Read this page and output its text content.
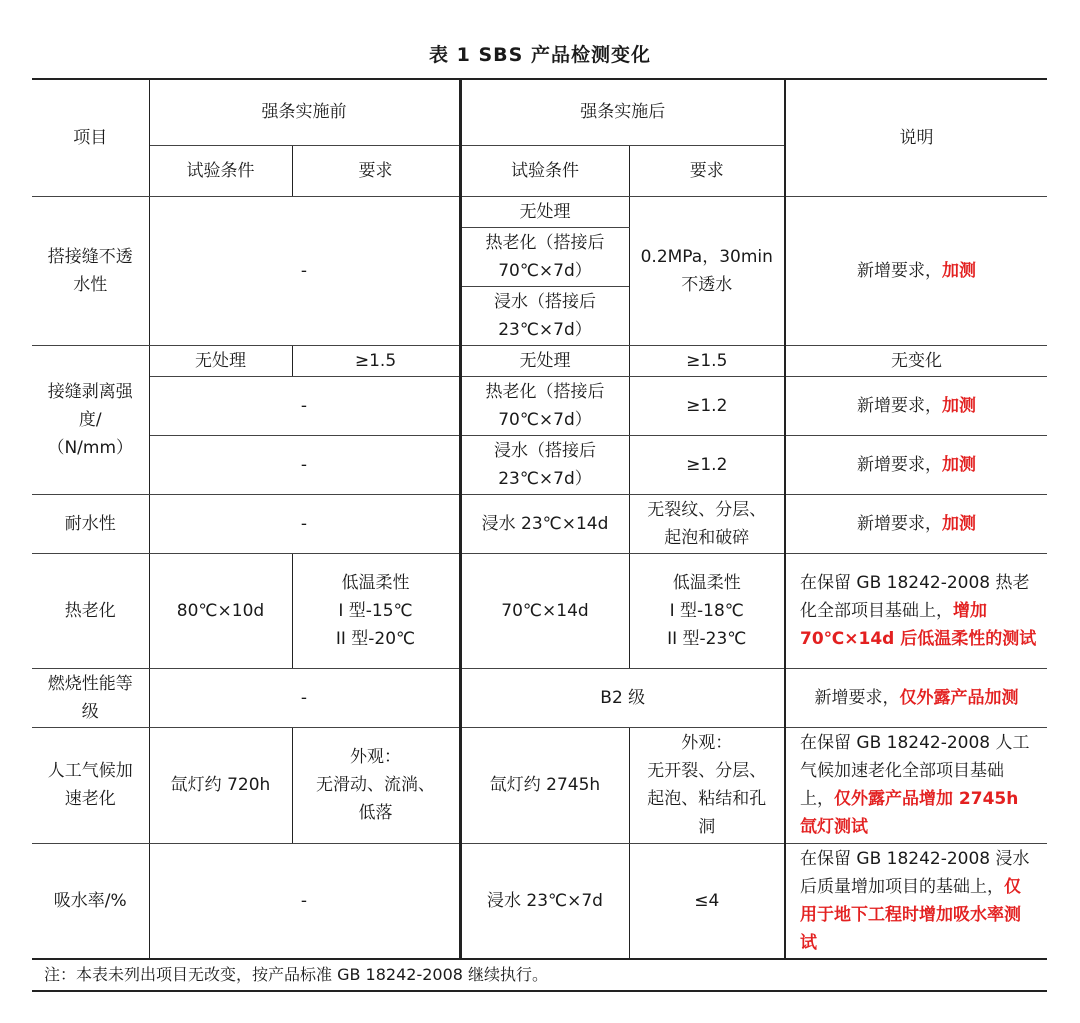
表 1 SBS 产品检测变化
项目	强条实施前		强条实施后		说明
	试验条件	要求	试验条件	要求	

搭接缝不透
水性	-		无处理	0.2MPa，30min
不透水	新增要求，加测

			热老化（搭接后
70℃×7d）		

			浸水（搭接后
23℃×7d）		

接缝剥离强
度/
（N/mm）	无处理	≥1.5	无处理	≥1.5	无变化
	-		热老化（搭接后
70℃×7d）	≥1.2	新增要求，加测
	-		浸水（搭接后
23℃×7d）	≥1.2	新增要求，加测
耐水性	-		浸水 23℃×14d	无裂纹、分层、
起泡和破碎	新增要求，加测
热老化	80℃×10d	低温柔性
I 型-15℃
II 型-20℃	70℃×14d	低温柔性
I 型-18℃
II 型-23℃	在保留 GB 18242-2008 热老化全部项目基础上，增加 70℃×14d 后低温柔性的测试

燃烧性能等
级	-		B2 级		新增要求，仅外露产品加测

人工气候加
速老化	氙灯约 720h	外观：
无滑动、流淌、
低落	氙灯约 2745h	外观：
无开裂、分层、
起泡、粘结和孔
洞	在保留 GB 18242-2008 人工气候加速老化全部项目基础上，仅外露产品增加 2745h 氙灯测试
吸水率/%	-		浸水 23℃×7d	≤4	在保留 GB 18242-2008 浸水后质量增加项目的基础上，仅用于地下工程时增加吸水率测试
注：本表未列出项目无改变，按产品标准 GB 18242-2008 继续执行。					
